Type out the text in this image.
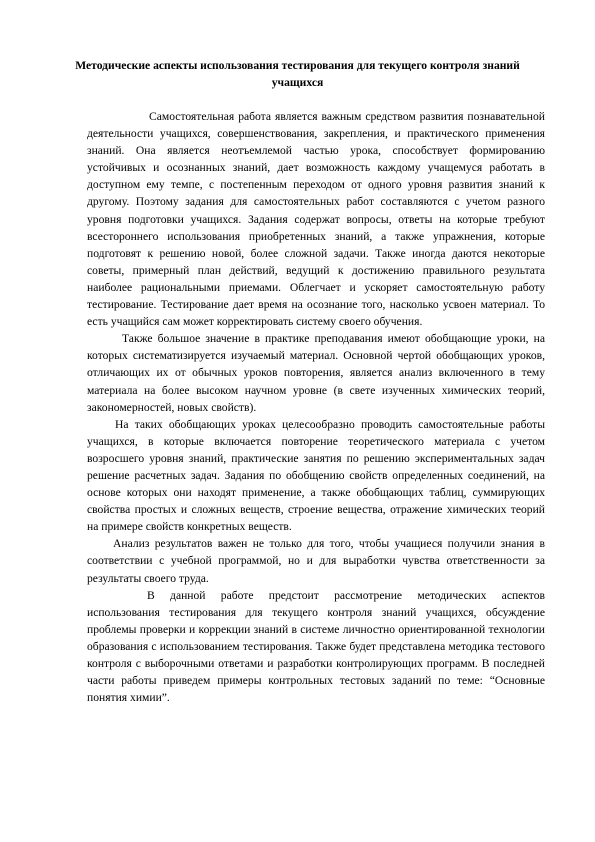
Методические аспекты использования тестирования для текущего контроля знаний учащихся

Самостоятельная работа является важным средством развития познавательной деятельности учащихся, совершенствования, закрепления, и практического применения знаний. Она является неотъемлемой частью урока, способствует формированию устойчивых и осознанных знаний, дает возможность каждому учащемуся работать в доступном ему темпе, с постепенным переходом от одного уровня развития знаний к другому. Поэтому задания для самостоятельных работ составляются с учетом разного уровня подготовки учащихся. Задания содержат вопросы, ответы на которые требуют всестороннего использования приобретенных знаний, а также упражнения, которые подготовят к решению новой, более сложной задачи. Также иногда даются некоторые советы, примерный план действий, ведущий к достижению правильного результата наиболее рациональными приемами. Облегчает и ускоряет самостоятельную работу тестирование. Тестирование дает время на осознание того, насколько усвоен материал. То есть учащийся сам может корректировать систему своего обучения.

Также большое значение в практике преподавания имеют обобщающие уроки, на которых систематизируется изучаемый материал. Основной чертой обобщающих уроков, отличающих их от обычных уроков повторения, является анализ включенного в тему материала на более высоком научном уровне (в свете изученных химических теорий, закономерностей, новых свойств).

На таких обобщающих уроках целесообразно проводить самостоятельные работы учащихся, в которые включается повторение теоретического материала с учетом возросшего уровня знаний, практические занятия по решению экспериментальных задач решение расчетных задач. Задания по обобщению свойств определенных соединений, на основе которых они находят применение, а также обобщающих таблиц, суммирующих свойства простых и сложных веществ, строение вещества, отражение химических теорий на примере свойств конкретных веществ.

Анализ результатов важен не только для того, чтобы учащиеся получили знания в соответствии с учебной программой, но и для выработки чувства ответственности за результаты своего труда.

В данной работе предстоит рассмотрение методических аспектов использования тестирования для текущего контроля знаний учащихся, обсуждение проблемы проверки и коррекции знаний в системе личностно ориентированной технологии образования с использованием тестирования. Также будет представлена методика тестового контроля с выборочными ответами и разработки контролирующих программ. В последней части работы приведем примеры контрольных тестовых заданий по теме: “Основные понятия химии”.
